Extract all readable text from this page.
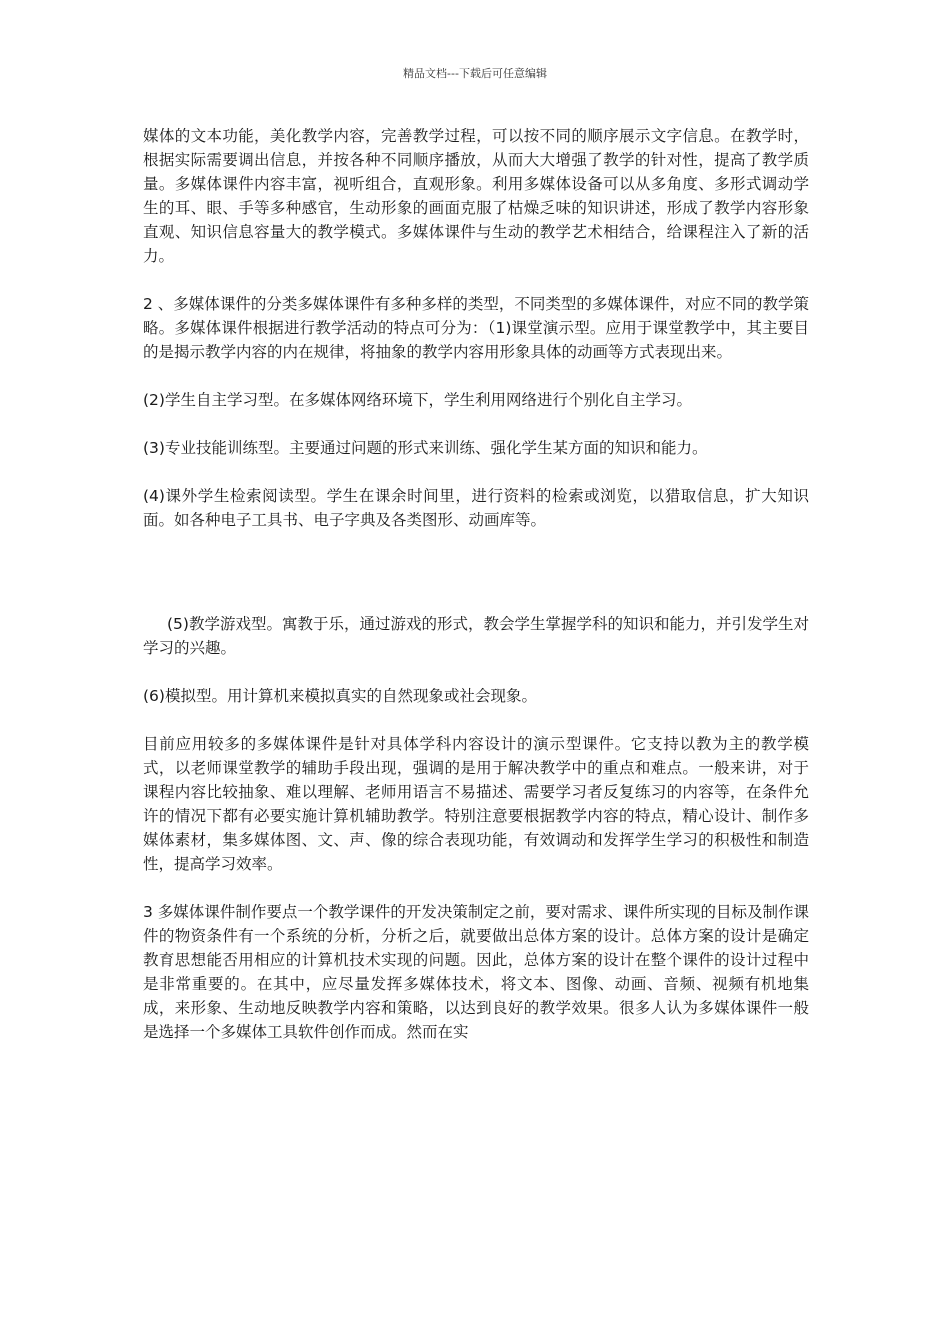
精品文档---下载后可任意编辑

媒体的文本功能，美化教学内容，完善教学过程，可以按不同的顺序展示文字信息。在教学时，根据实际需要调出信息，并按各种不同顺序播放，从而大大增强了教学的针对性，提高了教学质量。多媒体课件内容丰富，视听组合，直观形象。利用多媒体设备可以从多角度、多形式调动学生的耳、眼、手等多种感官，生动形象的画面克服了枯燥乏味的知识讲述，形成了教学内容形象直观、知识信息容量大的教学模式。多媒体课件与生动的教学艺术相结合，给课程注入了新的活力。

2 、多媒体课件的分类多媒体课件有多种多样的类型，不同类型的多媒体课件，对应不同的教学策略。多媒体课件根据进行教学活动的特点可分为：（1)课堂演示型。应用于课堂教学中，其主要目的是揭示教学内容的内在规律，将抽象的教学内容用形象具体的动画等方式表现出来。

(2)学生自主学习型。在多媒体网络环境下，学生利用网络进行个别化自主学习。

(3)专业技能训练型。主要通过问题的形式来训练、强化学生某方面的知识和能力。

(4)课外学生检索阅读型。学生在课余时间里，进行资料的检索或浏览，以猎取信息，扩大知识面。如各种电子工具书、电子字典及各类图形、动画库等。

(5)教学游戏型。寓教于乐，通过游戏的形式，教会学生掌握学科的知识和能力，并引发学生对学习的兴趣。

(6)模拟型。用计算机来模拟真实的自然现象或社会现象。

目前应用较多的多媒体课件是针对具体学科内容设计的演示型课件。它支持以教为主的教学模式，以老师课堂教学的辅助手段出现，强调的是用于解决教学中的重点和难点。一般来讲，对于课程内容比较抽象、难以理解、老师用语言不易描述、需要学习者反复练习的内容等，在条件允许的情况下都有必要实施计算机辅助教学。特别注意要根据教学内容的特点，精心设计、制作多媒体素材，集多媒体图、文、声、像的综合表现功能，有效调动和发挥学生学习的积极性和制造性，提高学习效率。

3 多媒体课件制作要点一个教学课件的开发决策制定之前，要对需求、课件所实现的目标及制作课件的物资条件有一个系统的分析，分析之后，就要做出总体方案的设计。总体方案的设计是确定教育思想能否用相应的计算机技术实现的问题。因此，总体方案的设计在整个课件的设计过程中是非常重要的。在其中，应尽量发挥多媒体技术，将文本、图像、动画、音频、视频有机地集成，来形象、生动地反映教学内容和策略，以达到良好的教学效果。很多人认为多媒体课件一般是选择一个多媒体工具软件创作而成。然而在实
